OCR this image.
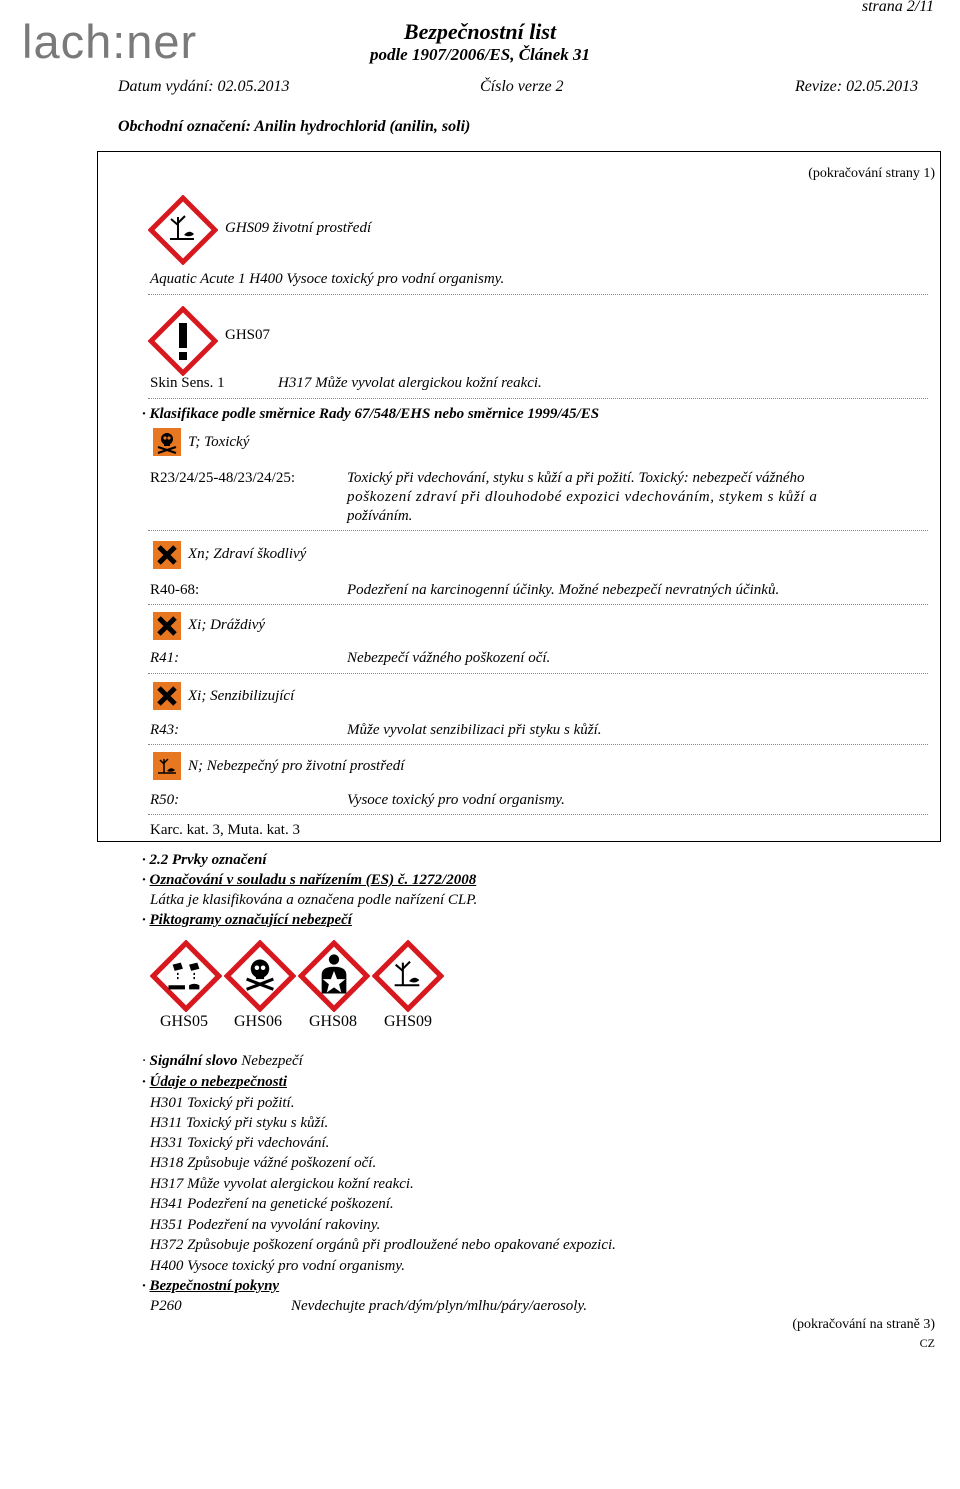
lach:ner
strana 2/11
Bezpečnostní list
podle 1907/2006/ES, Článek 31
Datum vydání: 02.05.2013	Číslo verze 2	Revize: 02.05.2013
Obchodní označení: Anilin hydrochlorid (anilin, soli)
(pokračování strany 1)
GHS09 životní prostředí
Aquatic Acute 1 H400 Vysoce toxický pro vodní organismy.
GHS07
Skin Sens. 1	H317 Může vyvolat alergickou kožní reakci.
· Klasifikace podle směrnice Rady 67/548/EHS nebo směrnice 1999/45/ES
T; Toxický
R23/24/25-48/23/24/25:	Toxický při vdechování, styku s kůží a při požití. Toxický: nebezpečí vážného
poškození zdraví při dlouhodobé expozici vdechováním, stykem s kůží a
požíváním.
Xn; Zdraví škodlivý
R40-68:	Podezření na karcinogenní účinky. Možné nebezpečí nevratných účinků.
Xi; Dráždivý
R41:	Nebezpečí vážného poškození očí.
Xi; Senzibilizující
R43:	Může vyvolat senzibilizaci při styku s kůží.
N; Nebezpečný pro životní prostředí
R50:	Vysoce toxický pro vodní organismy.
Karc. kat. 3, Muta. kat. 3
· 2.2 Prvky označení
· Označování v souladu s nařízením (ES) č. 1272/2008
Látka je klasifikována a označena podle nařízení CLP.
· Piktogramy označující nebezpečí
GHS05 GHS06 GHS08 GHS09
· Signální slovo Nebezpečí
· Údaje o nebezpečnosti
H301 Toxický při požití.
H311 Toxický při styku s kůží.
H331 Toxický při vdechování.
H318 Způsobuje vážné poškození očí.
H317 Může vyvolat alergickou kožní reakci.
H341 Podezření na genetické poškození.
H351 Podezření na vyvolání rakoviny.
H372 Způsobuje poškození orgánů při prodloužené nebo opakované expozici.
H400 Vysoce toxický pro vodní organismy.
· Bezpečnostní pokyny
P260	Nevdechujte prach/dým/plyn/mlhu/páry/aerosoly.
(pokračování na straně 3)
CZ
